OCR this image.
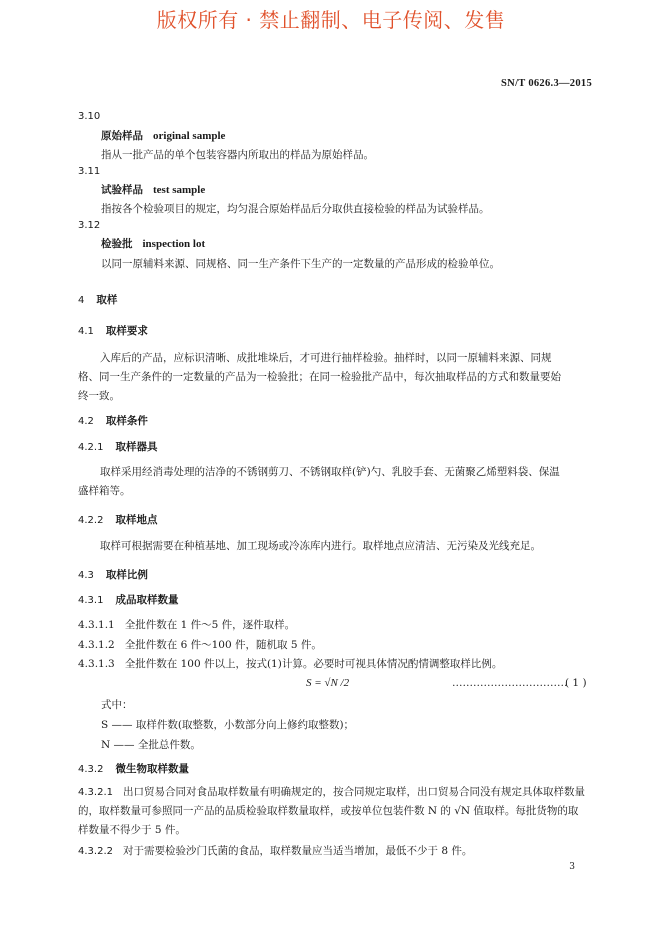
版权所有 · 禁止翻制、电子传阅、发售
SN/T 0626.3—2015
3.10
原始样品 original sample
指从一批产品的单个包装容器内所取出的样品为原始样品。
3.11
试验样品 test sample
指按各个检验项目的规定，均匀混合原始样品后分取供直接检验的样品为试验样品。
3.12
检验批 inspection lot
以同一原辅料来源、同规格、同一生产条件下生产的一定数量的产品形成的检验单位。
4 取样
4.1 取样要求
入库后的产品，应标识清晰、成批堆垛后，才可进行抽样检验。抽样时，以同一原辅料来源、同规格、同一生产条件的一定数量的产品为一检验批；在同一检验批产品中，每次抽取样品的方式和数量要始终一致。
4.2 取样条件
4.2.1 取样器具
取样采用经消毒处理的洁净的不锈钢剪刀、不锈钢取样(铲)勺、乳胶手套、无菌聚乙烯塑料袋、保温盛样箱等。
4.2.2 取样地点
取样可根据需要在种植基地、加工现场或冷冻库内进行。取样地点应清洁、无污染及光线充足。
4.3 取样比例
4.3.1 成品取样数量
4.3.1.1 全批件数在 1 件～5 件，逐件取样。
4.3.1.2 全批件数在 6 件～100 件，随机取 5 件。
4.3.1.3 全批件数在 100 件以上，按式(1)计算。必要时可视具体情况酌情调整取样比例。
S = √N /2	……………………………
( 1 )
式中：
S —— 取样件数(取整数，小数部分向上修约取整数)；
N —— 全批总件数。
4.3.2 微生物取样数量
4.3.2.1 出口贸易合同对食品取样数量有明确规定的，按合同规定取样，出口贸易合同没有规定具体取样数量的，取样数量可参照同一产品的品质检验取样数量取样，或按单位包装件数 N 的 √N 值取样。每批货物的取样数量不得少于 5 件。
4.3.2.2 对于需要检验沙门氏菌的食品，取样数量应当适当增加，最低不少于 8 件。
3
